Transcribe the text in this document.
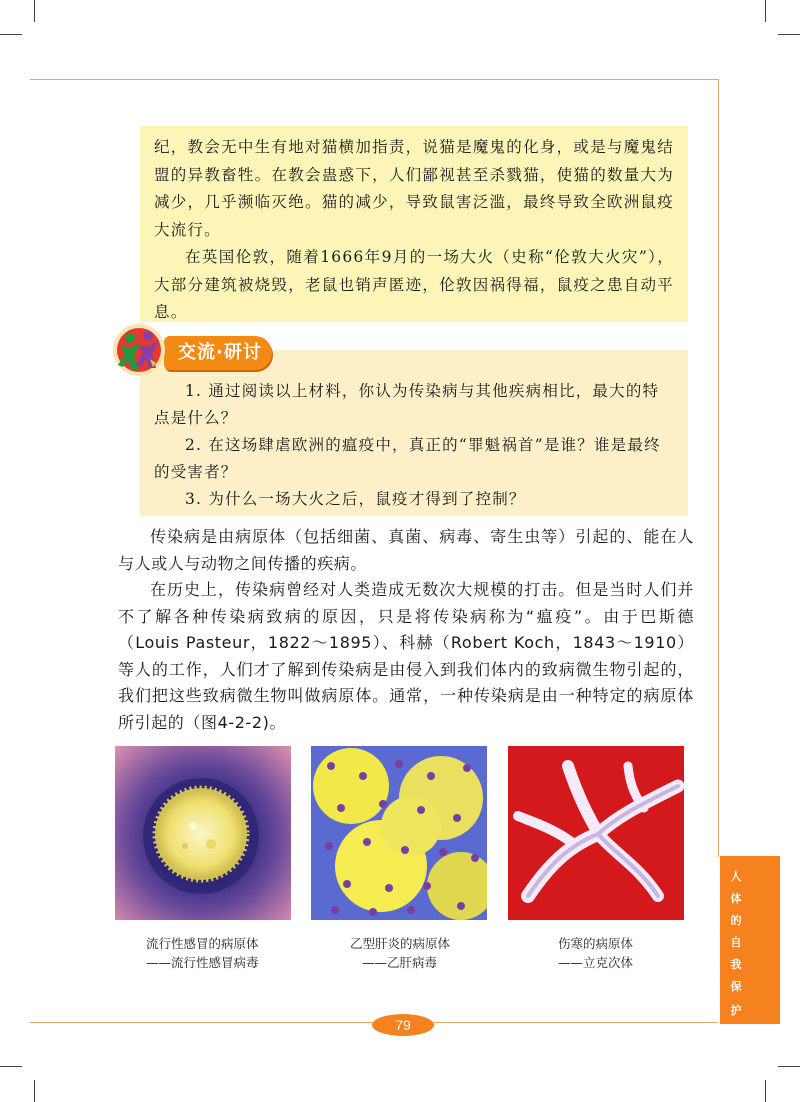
纪，教会无中生有地对猫横加指责，说猫是魔鬼的化身，或是与魔鬼结盟的异教畜牲。在教会蛊惑下，人们鄙视甚至杀戮猫，使猫的数量大为减少，几乎濒临灭绝。猫的减少，导致鼠害泛滥，最终导致全欧洲鼠疫大流行。

在英国伦敦，随着1666年9月的一场大火（史称“伦敦大火灾”），大部分建筑被烧毁，老鼠也销声匿迹，伦敦因祸得福，鼠疫之患自动平息。

1. 通过阅读以上材料，你认为传染病与其他疾病相比，最大的特点是什么？

2. 在这场肆虐欧洲的瘟疫中，真正的“罪魁祸首”是谁？谁是最终的受害者？

3. 为什么一场大火之后，鼠疫才得到了控制？

交流·研讨

传染病是由病原体（包括细菌、真菌、病毒、寄生虫等）引起的、能在人与人或人与动物之间传播的疾病。

在历史上，传染病曾经对人类造成无数次大规模的打击。但是当时人们并不了解各种传染病致病的原因，只是将传染病称为“瘟疫”。由于巴斯德（Louis Pasteur，1822～1895）、科赫（Robert Koch，1843～1910）等人的工作，人们才了解到传染病是由侵入到我们体内的致病微生物引起的，我们把这些致病微生物叫做病原体。通常，一种传染病是由一种特定的病原体所引起的（图4-2-2)。

流行性感冒的病原体
——流行性感冒病毒
乙型肝炎的病原体
——乙肝病毒
伤寒的病原体
——立克次体
人
体
的
自
我
保
护
79
